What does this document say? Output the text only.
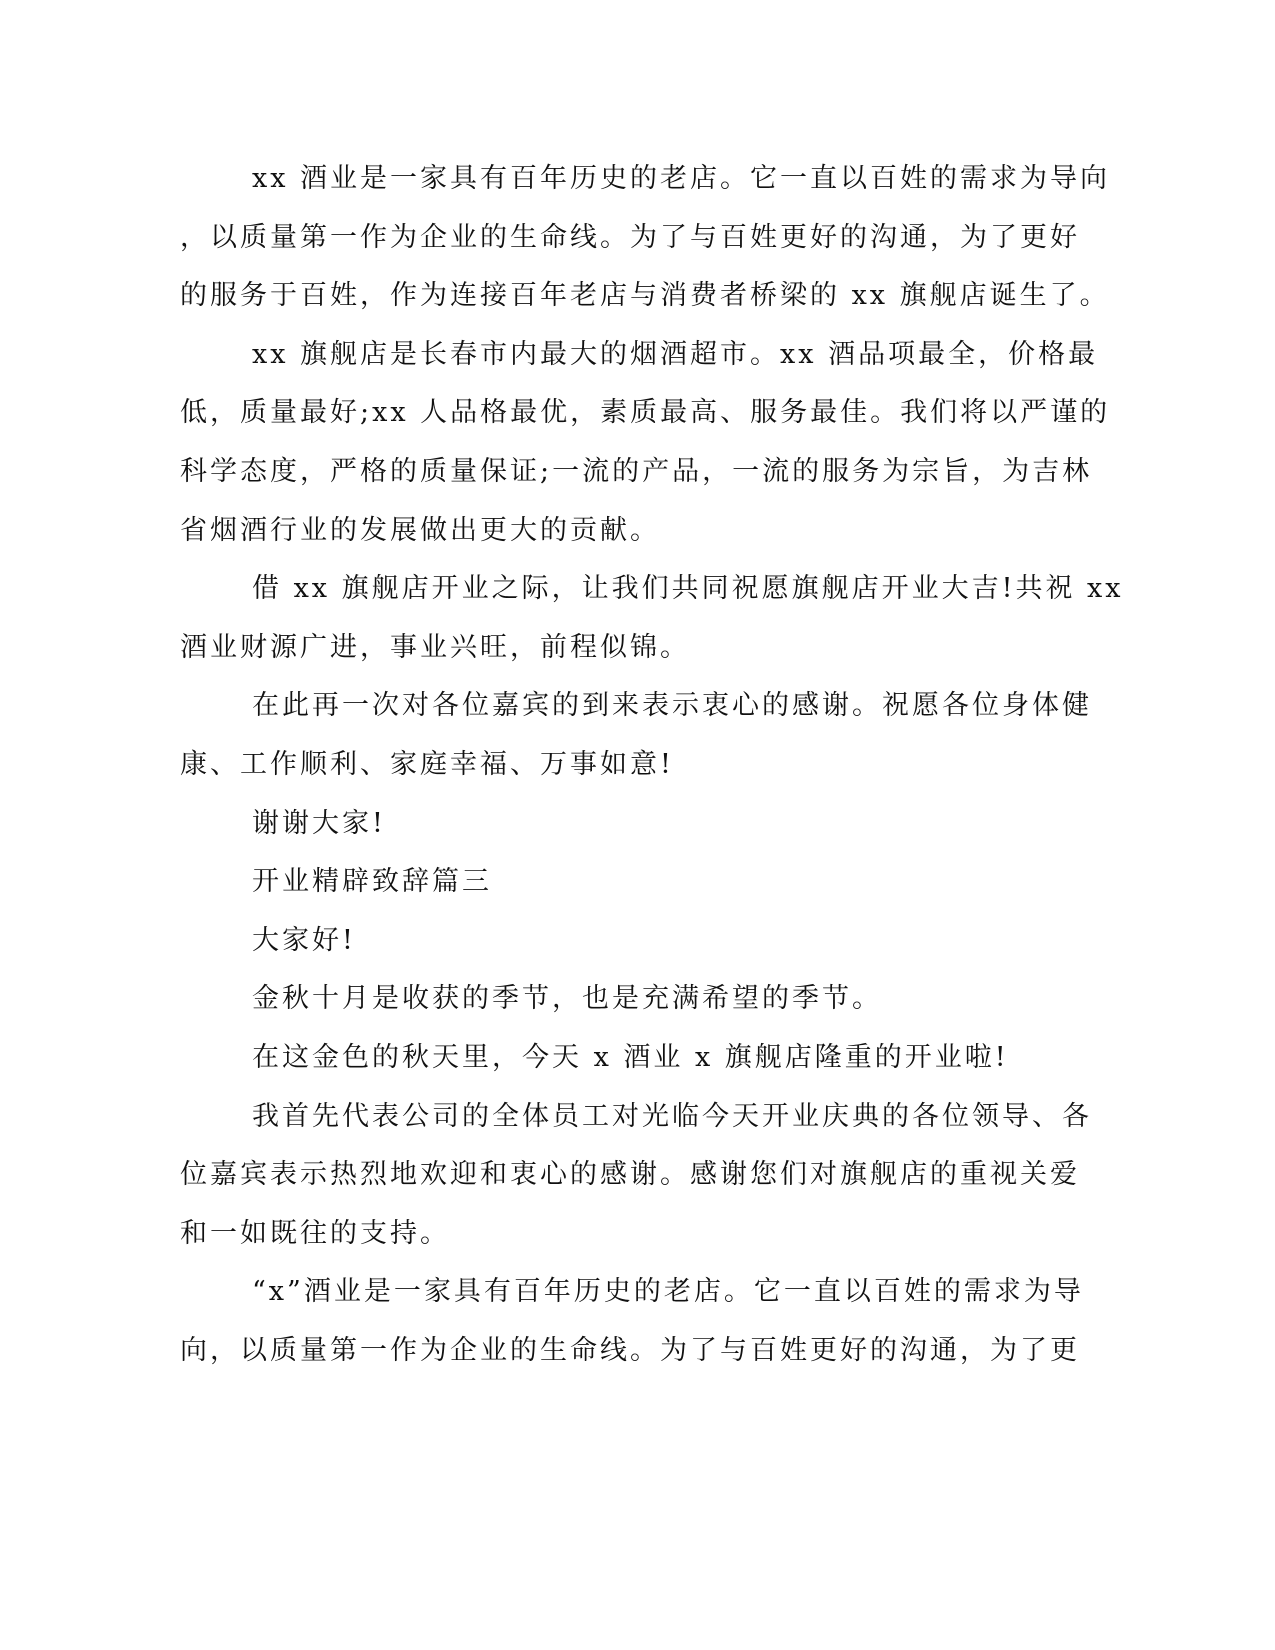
xx 酒业是一家具有百年历史的老店。它一直以百姓的需求为导向
，以质量第一作为企业的生命线。为了与百姓更好的沟通，为了更好
的服务于百姓，作为连接百年老店与消费者桥梁的 xx 旗舰店诞生了。
xx 旗舰店是长春市内最大的烟酒超市。xx 酒品项最全，价格最
低，质量最好;xx 人品格最优，素质最高、服务最佳。我们将以严谨的
科学态度，严格的质量保证;一流的产品，一流的服务为宗旨，为吉林
省烟酒行业的发展做出更大的贡献。
借 xx 旗舰店开业之际，让我们共同祝愿旗舰店开业大吉!共祝 xx
酒业财源广进，事业兴旺，前程似锦。
在此再一次对各位嘉宾的到来表示衷心的感谢。祝愿各位身体健
康、工作顺利、家庭幸福、万事如意!
谢谢大家!
开业精辟致辞篇三
大家好!
金秋十月是收获的季节，也是充满希望的季节。
在这金色的秋天里，今天 x 酒业 x 旗舰店隆重的开业啦!
我首先代表公司的全体员工对光临今天开业庆典的各位领导、各
位嘉宾表示热烈地欢迎和衷心的感谢。感谢您们对旗舰店的重视关爱
和一如既往的支持。
“x”酒业是一家具有百年历史的老店。它一直以百姓的需求为导
向，以质量第一作为企业的生命线。为了与百姓更好的沟通，为了更
